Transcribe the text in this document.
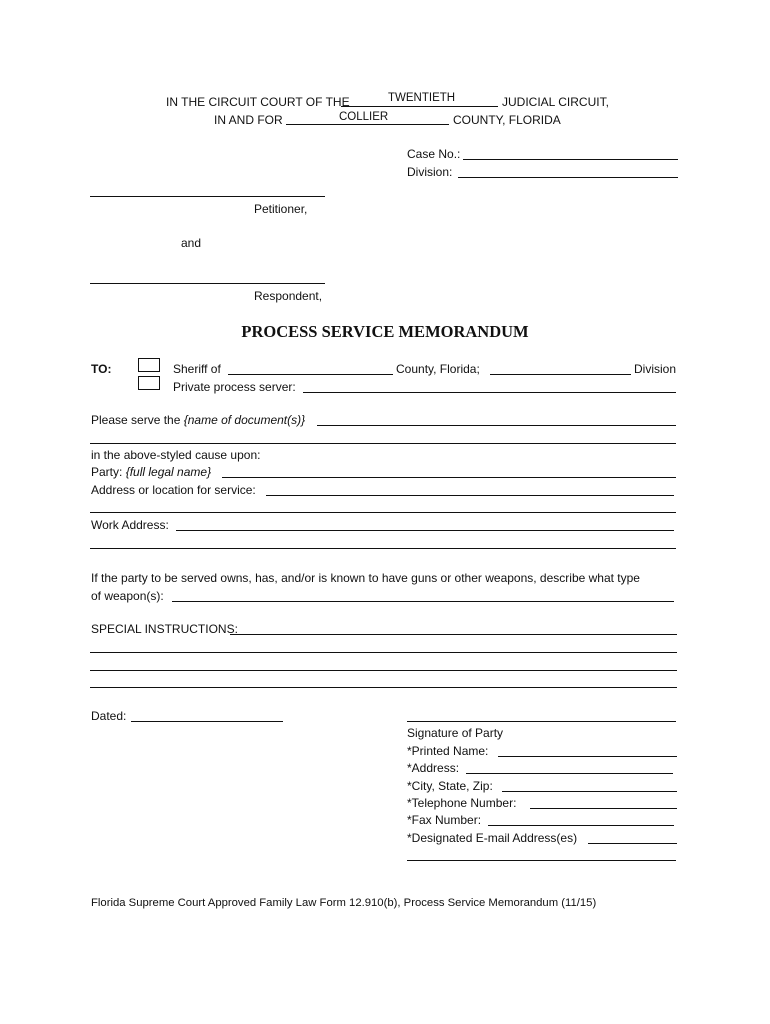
IN THE CIRCUIT COURT OF THE	TWENTIETH	JUDICIAL CIRCUIT,
IN AND FOR	COLLIER	COUNTY, FLORIDA
Case No.:
Division:
Petitioner,
and
Respondent,
PROCESS SERVICE MEMORANDUM
TO:	Sheriff of	County, Florida;	Division
Private process server:
Please serve the {name of document(s)}
in the above-styled cause upon:
Party: {full legal name}
Address or location for service:
Work Address:
If the party to be served owns, has, and/or is known to have guns or other weapons, describe what type
of weapon(s):
SPECIAL INSTRUCTIONS:
Dated:
Signature of Party
*Printed Name:
*Address:
*City, State, Zip:
*Telephone Number:
*Fax Number:
*Designated E-mail Address(es)
Florida Supreme Court Approved Family Law Form 12.910(b), Process Service Memorandum (11/15)
